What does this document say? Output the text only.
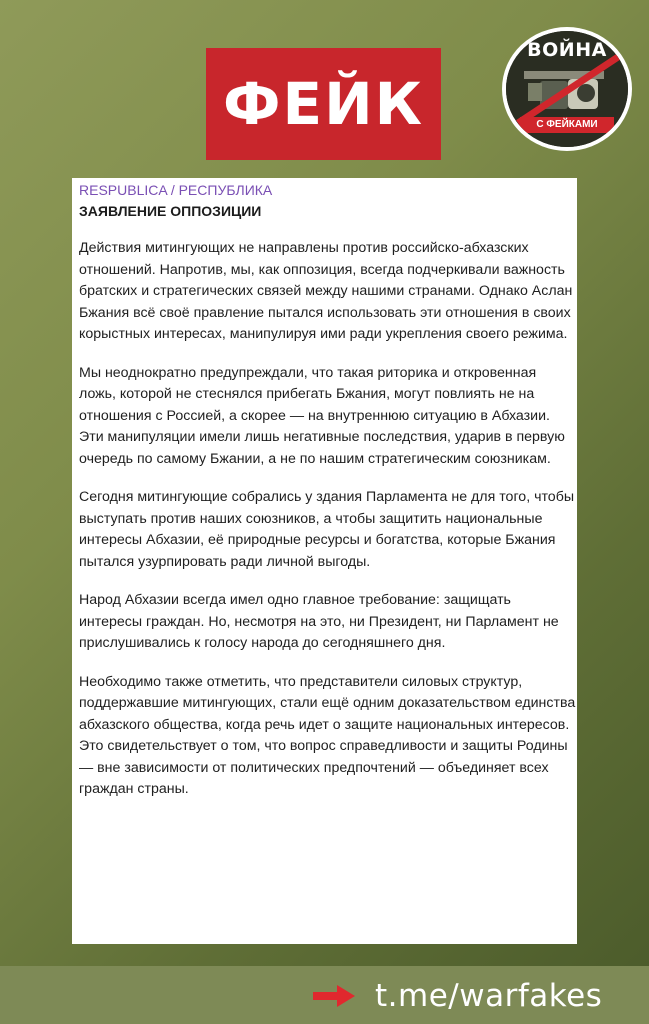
ФЕЙК
ВОЙНА
С ФЕЙКАМИ

RESPUBLICA / РЕСПУБЛИКА

ЗАЯВЛЕНИЕ ОППОЗИЦИИ

Действия митингующих не направлены против российско-абхазских отношений. Напротив, мы, как оппозиция, всегда подчеркивали важность братских и стратегических связей между нашими странами. Однако Аслан Бжания всё своё правление пытался использовать эти отношения в своих корыстных интересах, манипулируя ими ради укрепления своего режима.

Мы неоднократно предупреждали, что такая риторика и откровенная ложь, которой не стеснялся прибегать Бжания, могут повлиять не на отношения с Россией, а скорее — на внутреннюю ситуацию в Абхазии. Эти манипуляции имели лишь негативные последствия, ударив в первую очередь по самому Бжании, а не по нашим стратегическим союзникам.

Сегодня митингующие собрались у здания Парламента не для того, чтобы выступать против наших союзников, а чтобы защитить национальные интересы Абхазии, её природные ресурсы и богатства, которые Бжания пытался узурпировать ради личной выгоды.

Народ Абхазии всегда имел одно главное требование: защищать интересы граждан. Но, несмотря на это, ни Президент, ни Парламент не прислушивались к голосу народа до сегодняшнего дня.

Необходимо также отметить, что представители силовых структур, поддержавшие митингующих, стали ещё одним доказательством единства абхазского общества, когда речь идет о защите национальных интересов. Это свидетельствует о том, что вопрос справедливости и защиты Родины — вне зависимости от политических предпочтений — объединяет всех граждан страны.

t.me/warfakes
